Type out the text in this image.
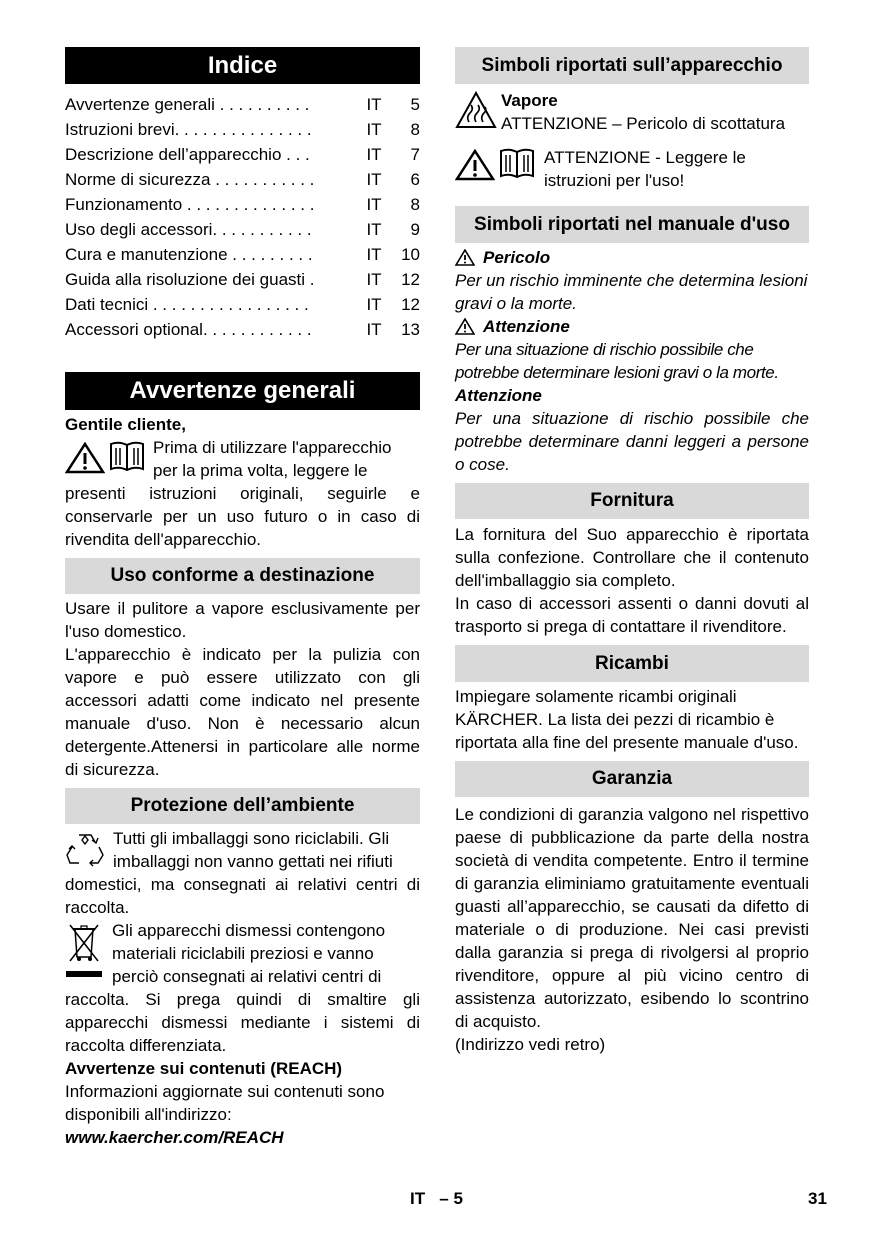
Indice
Avvertenze generali . . . . . . . . . .	IT	5
Istruzioni brevi. . . . . . . . . . . . . . .	IT	8
Descrizione dell’apparecchio . . .	IT	7
Norme di sicurezza . . . . . . . . . . .	IT	6
Funzionamento . . . . . . . . . . . . . .	IT	8
Uso degli accessori. . . . . . . . . . .	IT	9
Cura e manutenzione . . . . . . . . .	IT	10
Guida alla risoluzione dei guasti .	IT	12
Dati tecnici . . . . . . . . . . . . . . . . .	IT	12
Accessori optional. . . . . . . . . . . .	IT	13
Avvertenze generali

Gentile cliente,

Prima di utilizzare l'apparecchio per la prima volta, leggere le

presenti istruzioni originali, seguirle e conservarle per un uso futuro o in caso di rivendita dell'apparecchio.

Uso conforme a destinazione

Usare il pulitore a vapore esclusivamente per l'uso domestico.

L'apparecchio è indicato per la pulizia con vapore e può essere utilizzato con gli accessori adatti come indicato nel presente manuale d'uso. Non è necessario alcun detergente.Attenersi in particolare alle norme di sicurezza.

Protezione dell’ambiente

Tutti gli imballaggi sono riciclabili. Gli imballaggi non vanno gettati nei rifiuti

domestici, ma consegnati ai relativi centri di raccolta.

Gli apparecchi dismessi contengono materiali riciclabili preziosi e vanno perciò consegnati ai relativi centri di

raccolta. Si prega quindi di smaltire gli apparecchi dismessi mediante i sistemi di raccolta differenziata.

Avvertenze sui contenuti (REACH)

Informazioni aggiornate sui contenuti sono disponibili all'indirizzo:

www.kaercher.com/REACH

Simboli riportati sull’apparecchio

Vapore

ATTENZIONE – Pericolo di scottatura

ATTENZIONE - Leggere le istruzioni per l'uso!

Simboli riportati nel manuale d'uso

Pericolo

Per un rischio imminente che determina lesioni gravi o la morte.

Attenzione

Per una situazione di rischio possibile che potrebbe determinare lesioni gravi o la morte.

Attenzione

Per una situazione di rischio possibile che potrebbe determinare danni leggeri a persone o cose.

Fornitura

La fornitura del Suo apparecchio è riportata sulla confezione. Controllare che il contenuto dell'imballaggio sia completo.

In caso di accessori assenti o danni dovuti al trasporto si prega di contattare il rivenditore.

Ricambi

Impiegare solamente ricambi originali KÄRCHER. La lista dei pezzi di ricambio è riportata alla fine del presente manuale d'uso.

Garanzia

Le condizioni di garanzia valgono nel rispettivo paese di pubblicazione da parte della nostra società di vendita competente. Entro il termine di garanzia eliminiamo gratuitamente eventuali guasti all’apparecchio, se causati da difetto di materiale o di produzione. Nei casi previsti dalla garanzia si prega di rivolgersi al proprio rivenditore, oppure al più vicino centro di assistenza autorizzato, esibendo lo scontrino di acquisto.

(Indirizzo vedi retro)

IT   – 5	31
